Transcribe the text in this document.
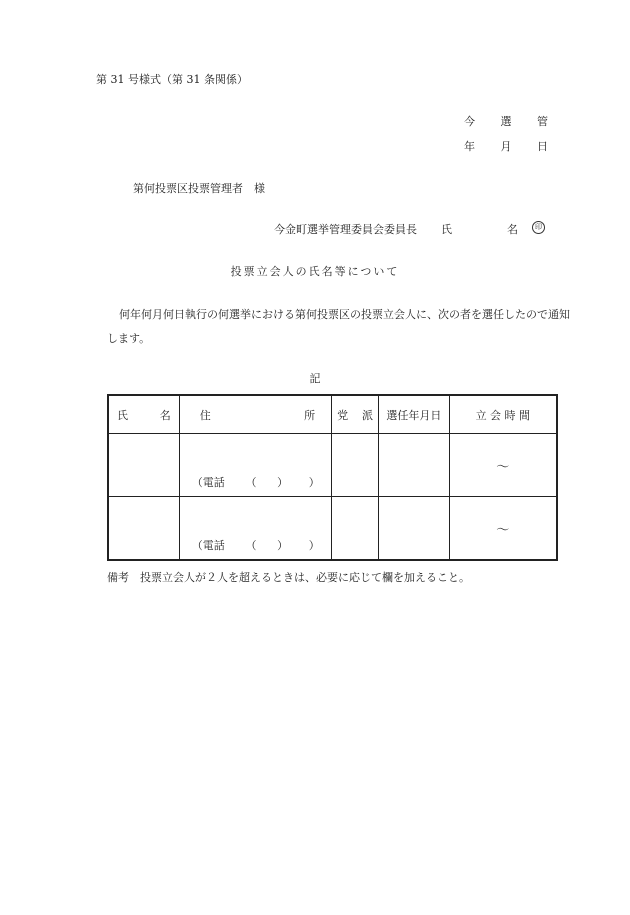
第 31 号様式（第 31 条関係）
今 選 管
年 月 日
第何投票区投票管理者　様
今金町選挙管理委員会委員長 氏	名	印
投票立会人の氏名等について
何年何月何日執行の何選挙における第何投票区の投票立会人に、次の者を選任したので通知します。
記
氏 名	住 所	党 派	選任年月日	立 会 時 間

	（電話 （ ） ）			～

	（電話 （ ） ）			～
備考　投票立会人が２人を超えるときは、必要に応じて欄を加えること。
